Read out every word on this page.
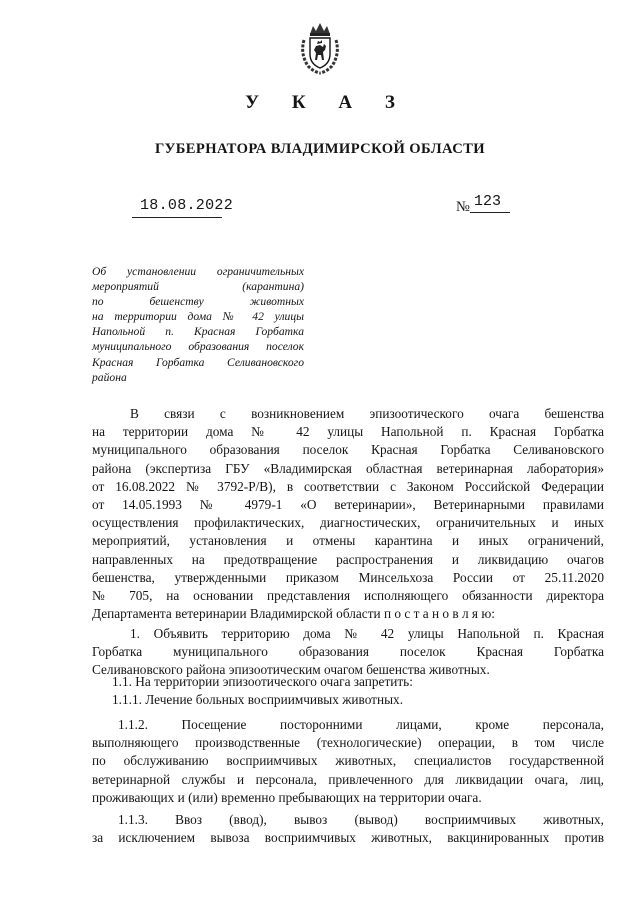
У К А З
ГУБЕРНАТОРА ВЛАДИМИРСКОЙ ОБЛАСТИ
18.08.2022	№ 123
Об установлении ограничительных
мероприятий (карантина)
по бешенству животных
на территории дома № 42 улицы
Напольной п. Красная Горбатка
муниципального образования поселок
Красная Горбатка Селивановского
района
В связи с возникновением эпизоотического очага бешенства
на территории дома № 42 улицы Напольной п. Красная Горбатка
муниципального образования поселок Красная Горбатка Селивановского
района (экспертиза ГБУ «Владимирская областная ветеринарная лаборатория»
от 16.08.2022 № 3792-Р/В), в соответствии с Законом Российской Федерации
от 14.05.1993 № 4979-1 «О ветеринарии», Ветеринарными правилами
осуществления профилактических, диагностических, ограничительных и иных
мероприятий, установления и отмены карантина и иных ограничений,
направленных на предотвращение распространения и ликвидацию очагов
бешенства, утвержденными приказом Минсельхоза России от 25.11.2020
№ 705, на основании представления исполняющего обязанности директора
Департамента ветеринарии Владимирской области п о с т а н о в л я ю:
1. Объявить территорию дома № 42 улицы Напольной п. Красная
Горбатка муниципального образования поселок Красная Горбатка
Селивановского района эпизоотическим очагом бешенства животных.
1.1. На территории эпизоотического очага запретить:
1.1.1. Лечение больных восприимчивых животных.
1.1.2. Посещение посторонними лицами, кроме персонала,
выполняющего производственные (технологические) операции, в том числе
по обслуживанию восприимчивых животных, специалистов государственной
ветеринарной службы и персонала, привлеченного для ликвидации очага, лиц,
проживающих и (или) временно пребывающих на территории очага.
1.1.3. Ввоз (ввод), вывоз (вывод) восприимчивых животных,
за исключением вывоза восприимчивых животных, вакцинированных против
